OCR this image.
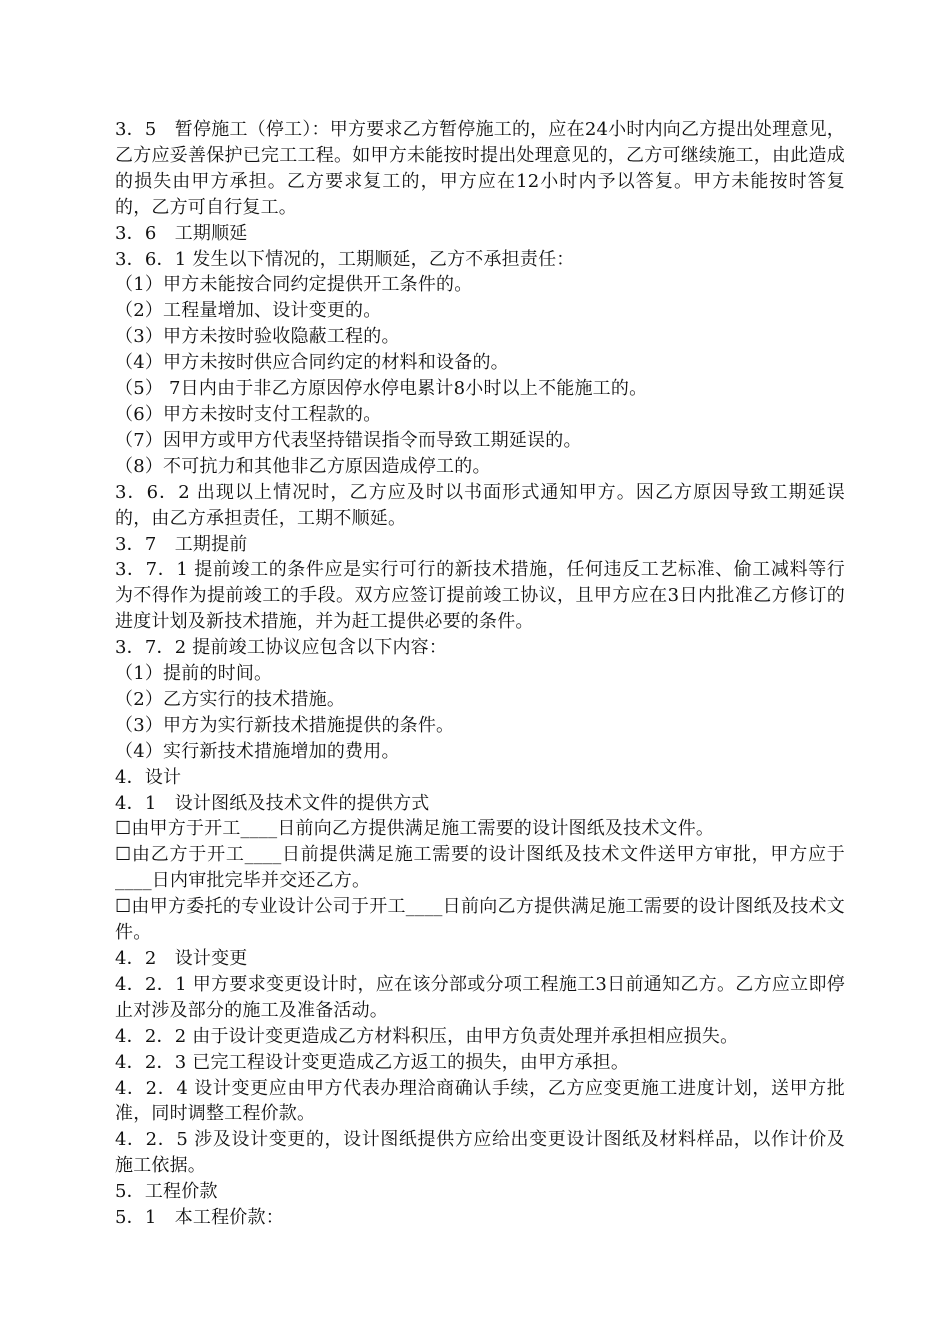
3．5　暂停施工（停工）：甲方要求乙方暂停施工的，应在24小时内向乙方提出处理意见，乙方应妥善保护已完工工程。如甲方未能按时提出处理意见的，乙方可继续施工，由此造成的损失由甲方承担。乙方要求复工的，甲方应在12小时内予以答复。甲方未能按时答复的，乙方可自行复工。

3．6　工期顺延

3．6．1 发生以下情况的，工期顺延，乙方不承担责任：

（1）甲方未能按合同约定提供开工条件的。

（2）工程量增加、设计变更的。

（3）甲方未按时验收隐蔽工程的。

（4）甲方未按时供应合同约定的材料和设备的。

（5） 7日内由于非乙方原因停水停电累计8小时以上不能施工的。

（6）甲方未按时支付工程款的。

（7）因甲方或甲方代表坚持错误指令而导致工期延误的。

（8）不可抗力和其他非乙方原因造成停工的。

3．6．2 出现以上情况时，乙方应及时以书面形式通知甲方。因乙方原因导致工期延误的，由乙方承担责任，工期不顺延。

3．7　工期提前

3．7．1 提前竣工的条件应是实行可行的新技术措施，任何违反工艺标准、偷工减料等行为不得作为提前竣工的手段。双方应签订提前竣工协议，且甲方应在3日内批准乙方修订的进度计划及新技术措施，并为赶工提供必要的条件。

3．7．2 提前竣工协议应包含以下内容：

（1）提前的时间。

（2）乙方实行的技术措施。

（3）甲方为实行新技术措施提供的条件。

（4）实行新技术措施增加的费用。

4．设计

4．1　设计图纸及技术文件的提供方式

☐由甲方于开工____日前向乙方提供满足施工需要的设计图纸及技术文件。

☐由乙方于开工____日前提供满足施工需要的设计图纸及技术文件送甲方审批，甲方应于____日内审批完毕并交还乙方。

☐由甲方委托的专业设计公司于开工____日前向乙方提供满足施工需要的设计图纸及技术文件。

4．2　设计变更

4．2．1 甲方要求变更设计时，应在该分部或分项工程施工3日前通知乙方。乙方应立即停止对涉及部分的施工及准备活动。

4．2．2 由于设计变更造成乙方材料积压，由甲方负责处理并承担相应损失。

4．2．3 已完工程设计变更造成乙方返工的损失，由甲方承担。

4．2．4 设计变更应由甲方代表办理洽商确认手续，乙方应变更施工进度计划，送甲方批准，同时调整工程价款。

4．2．5 涉及设计变更的，设计图纸提供方应给出变更设计图纸及材料样品，以作计价及施工依据。

5．工程价款

5．1　本工程价款：
